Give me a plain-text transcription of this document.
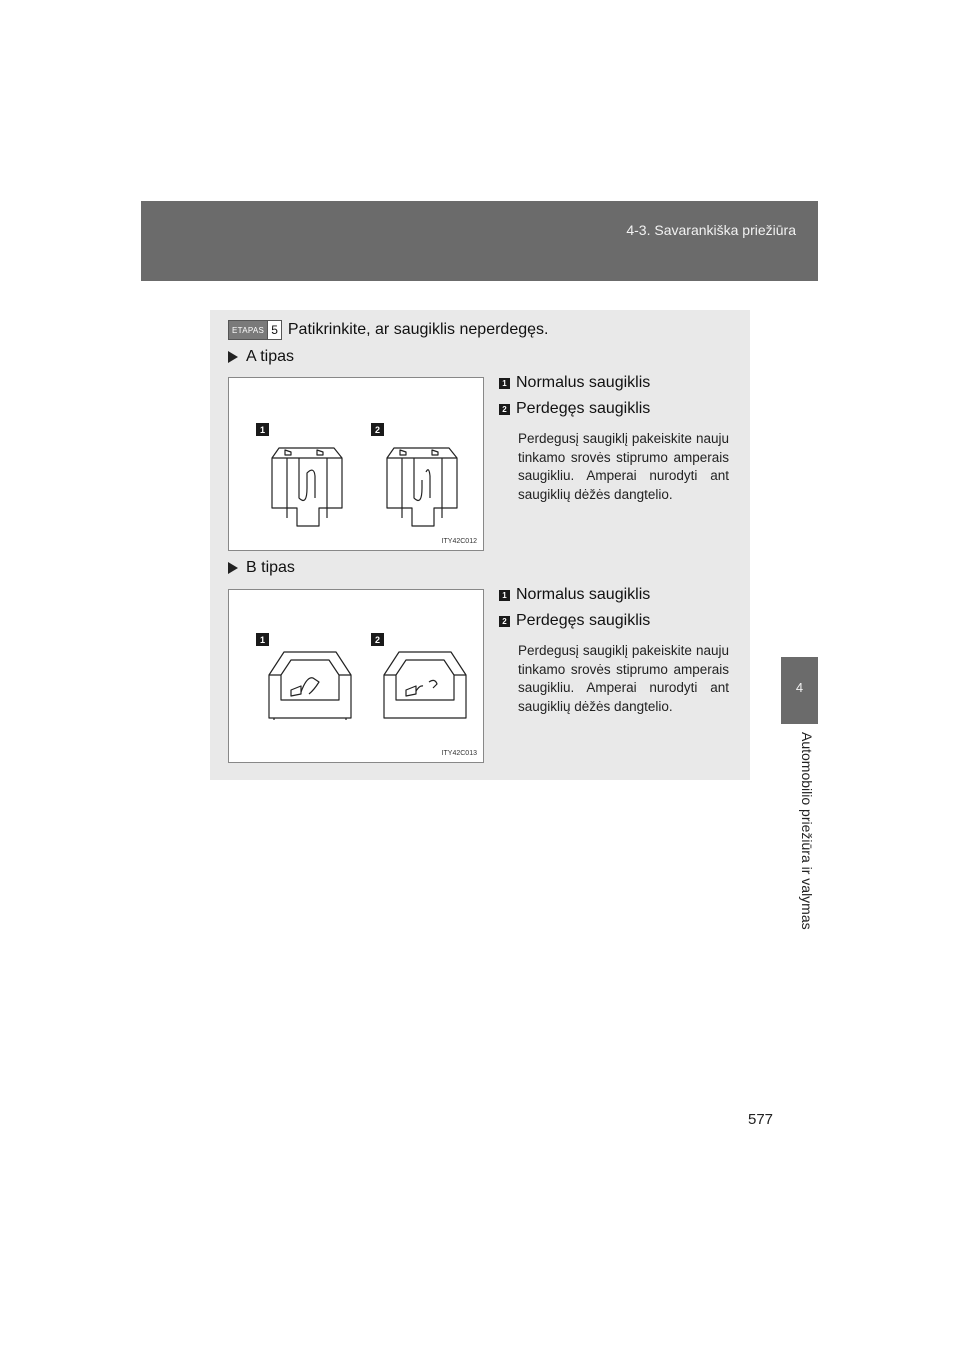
4-3. Savarankiška priežiūra
4
Automobilio priežiūra ir valymas
577
ETAPAS 5 Patikrinkite, ar saugiklis neperdegęs.
A tipas
1	2
ITY42C012
1 Normalus saugiklis
2 Perdegęs saugiklis
Perdegusį saugiklį pakeiskite nauju tinkamo srovės stiprumo amperais saugikliu. Amperai nurodyti ant saugiklių dėžės dangtelio.
B tipas
1	2
ITY42C013
1 Normalus saugiklis
2 Perdegęs saugiklis
Perdegusį saugiklį pakeiskite nauju tinkamo srovės stiprumo amperais saugikliu. Amperai nurodyti ant saugiklių dėžės dangtelio.
